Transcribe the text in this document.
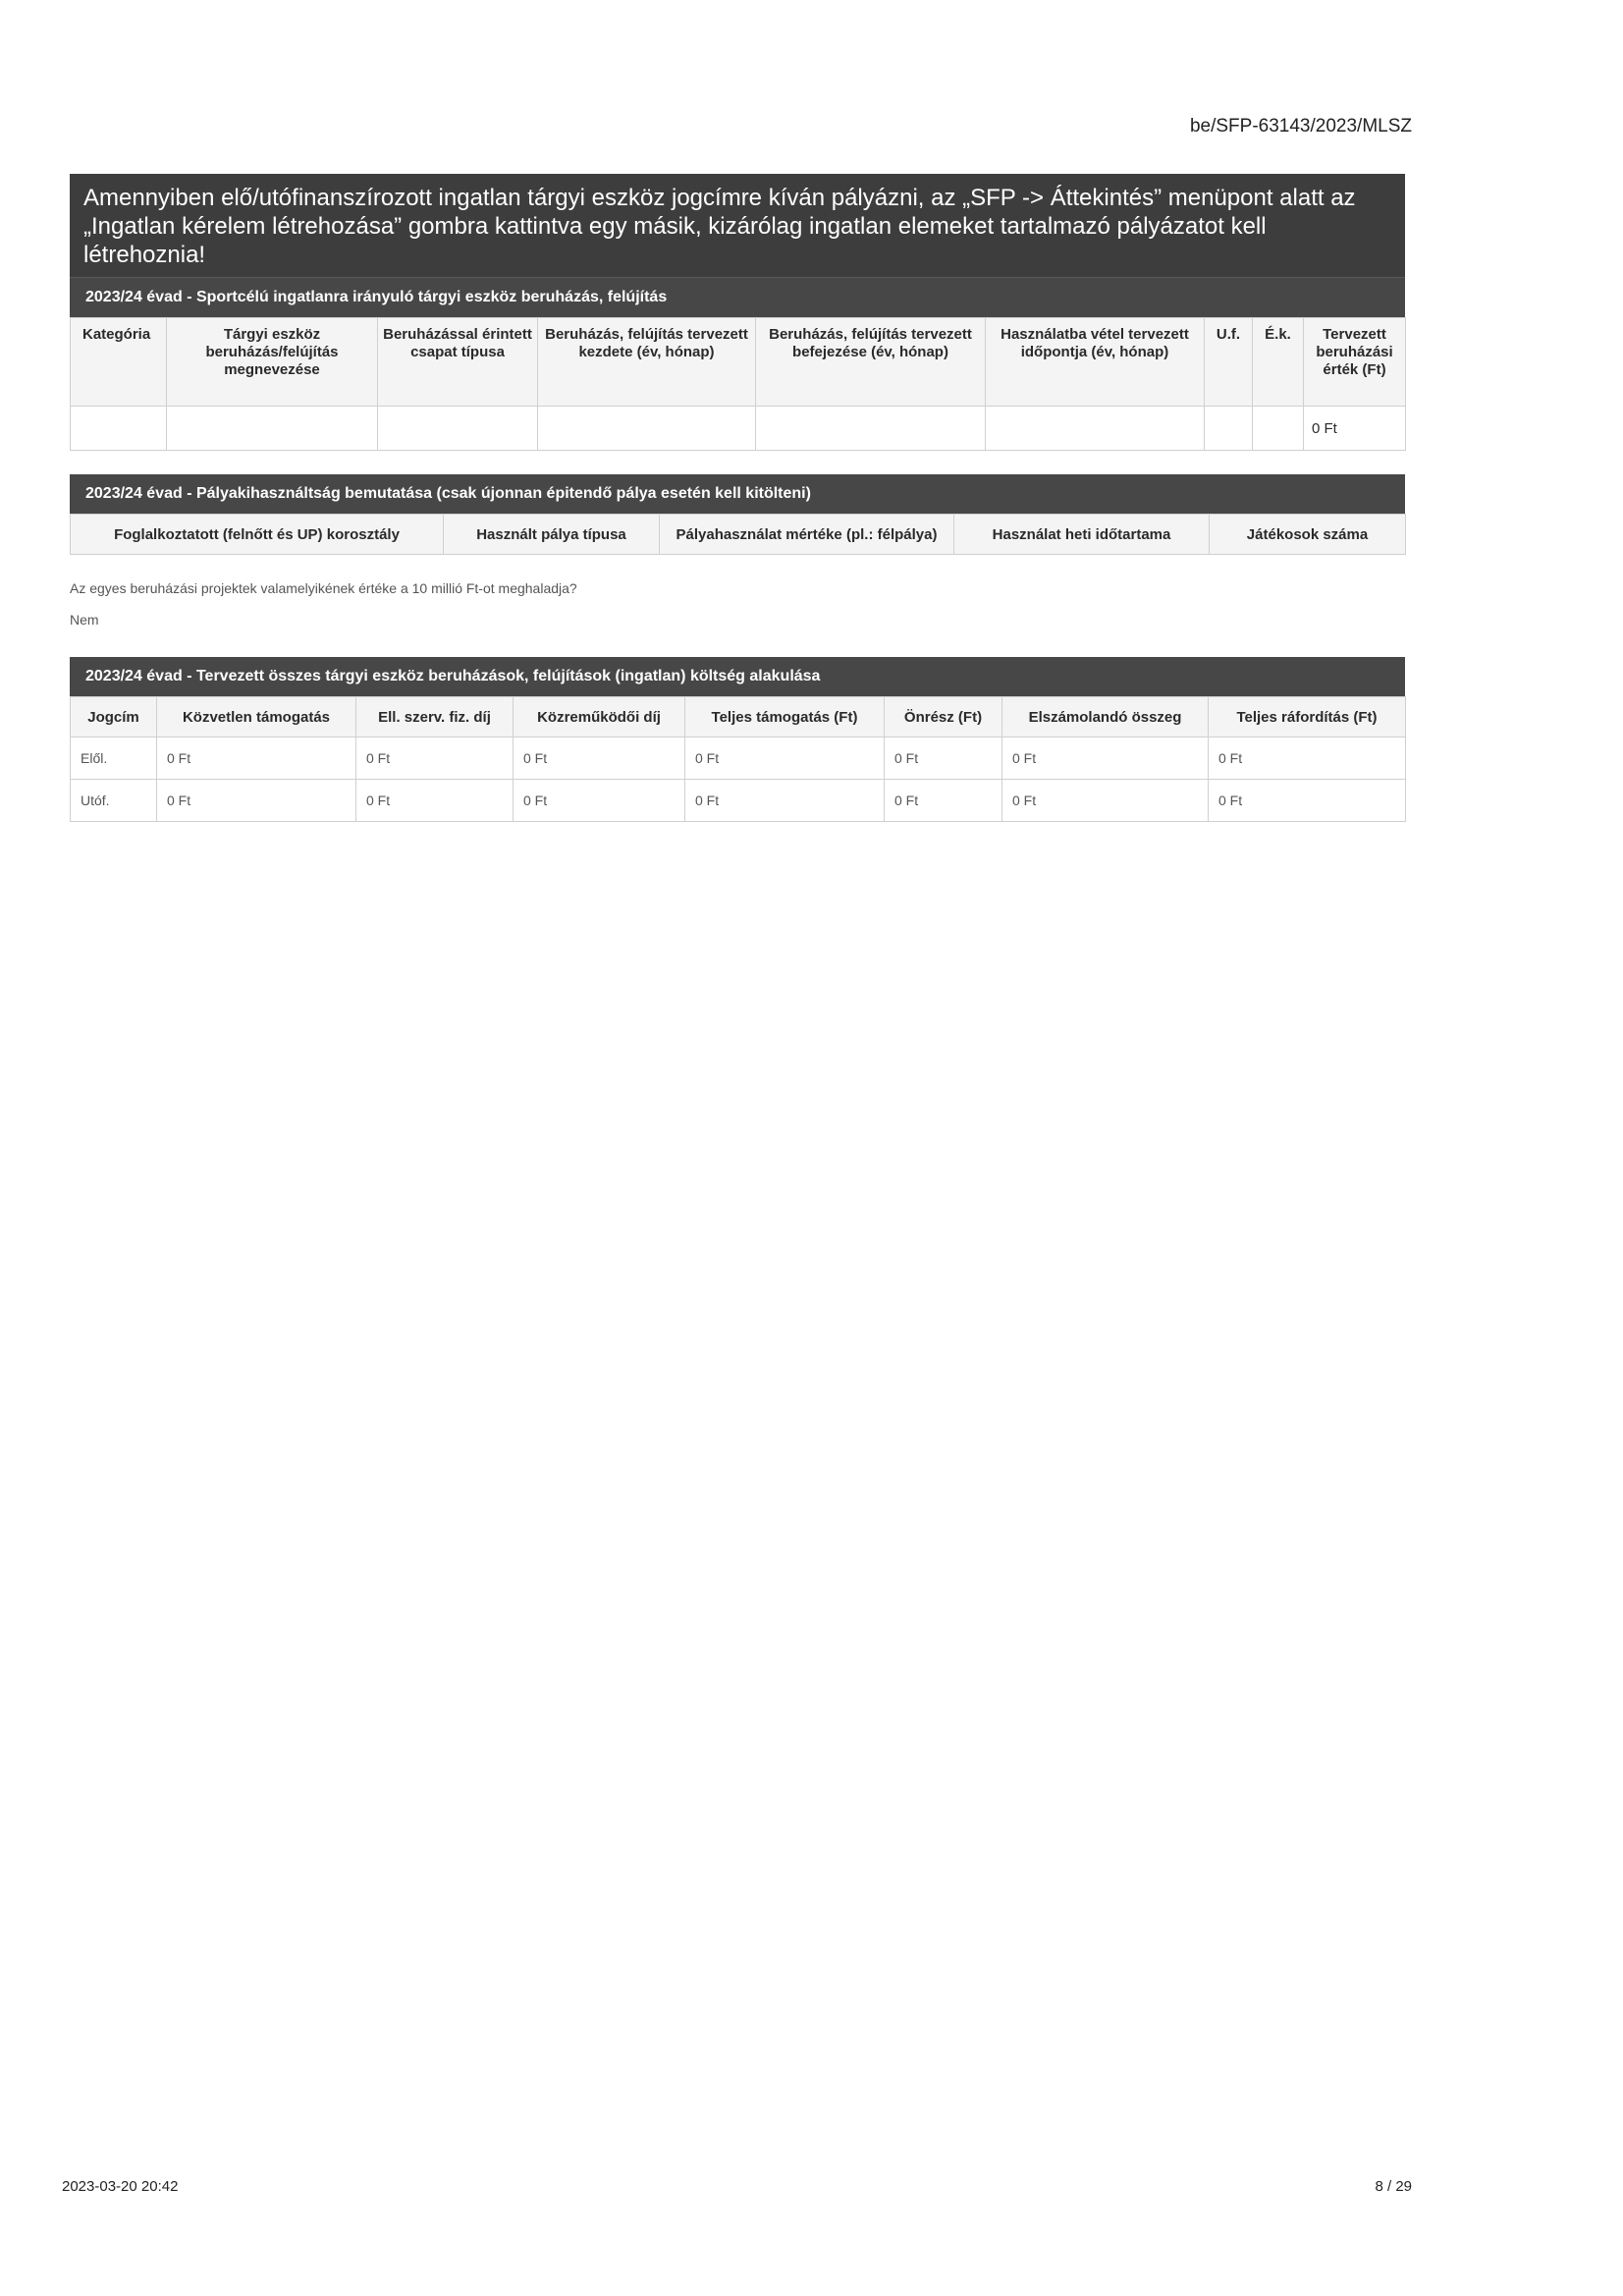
be/SFP-63143/2023/MLSZ
Amennyiben elő/utófinanszírozott ingatlan tárgyi eszköz jogcímre kíván pályázni, az „SFP -> Áttekintés” menüpont alatt az „Ingatlan kérelem létrehozása” gombra kattintva egy másik, kizárólag ingatlan elemeket tartalmazó pályázatot kell létrehoznia!
2023/24 évad - Sportcélú ingatlanra irányuló tárgyi eszköz beruházás, felújítás
Kategória	Tárgyi eszköz beruházás/felújítás megnevezése	Beruházással érintett csapat típusa	Beruházás, felújítás tervezett kezdete (év, hónap)	Beruházás, felújítás tervezett befejezése (év, hónap)	Használatba vétel tervezett időpontja (év, hónap)	U.f.	É.k.	Tervezett beruházási érték (Ft)
								0 Ft
2023/24 évad - Pályakihasználtság bemutatása (csak újonnan épitendő pálya esetén kell kitölteni)
Foglalkoztatott (felnőtt és UP) korosztály	Használt pálya típusa	Pályahasználat mértéke (pl.: félpálya)	Használat heti időtartama	Játékosok száma
Az egyes beruházási projektek valamelyikének értéke a 10 millió Ft-ot meghaladja?
Nem
2023/24 évad - Tervezett összes tárgyi eszköz beruházások, felújítások (ingatlan) költség alakulása
Jogcím	Közvetlen támogatás	Ell. szerv. fiz. díj	Közreműködői díj	Teljes támogatás (Ft)	Önrész (Ft)	Elszámolandó összeg	Teljes ráfordítás (Ft)
Elől.	0 Ft	0 Ft	0 Ft	0 Ft	0 Ft	0 Ft	0 Ft
Utóf.	0 Ft	0 Ft	0 Ft	0 Ft	0 Ft	0 Ft	0 Ft
2023-03-20 20:42	8 / 29
